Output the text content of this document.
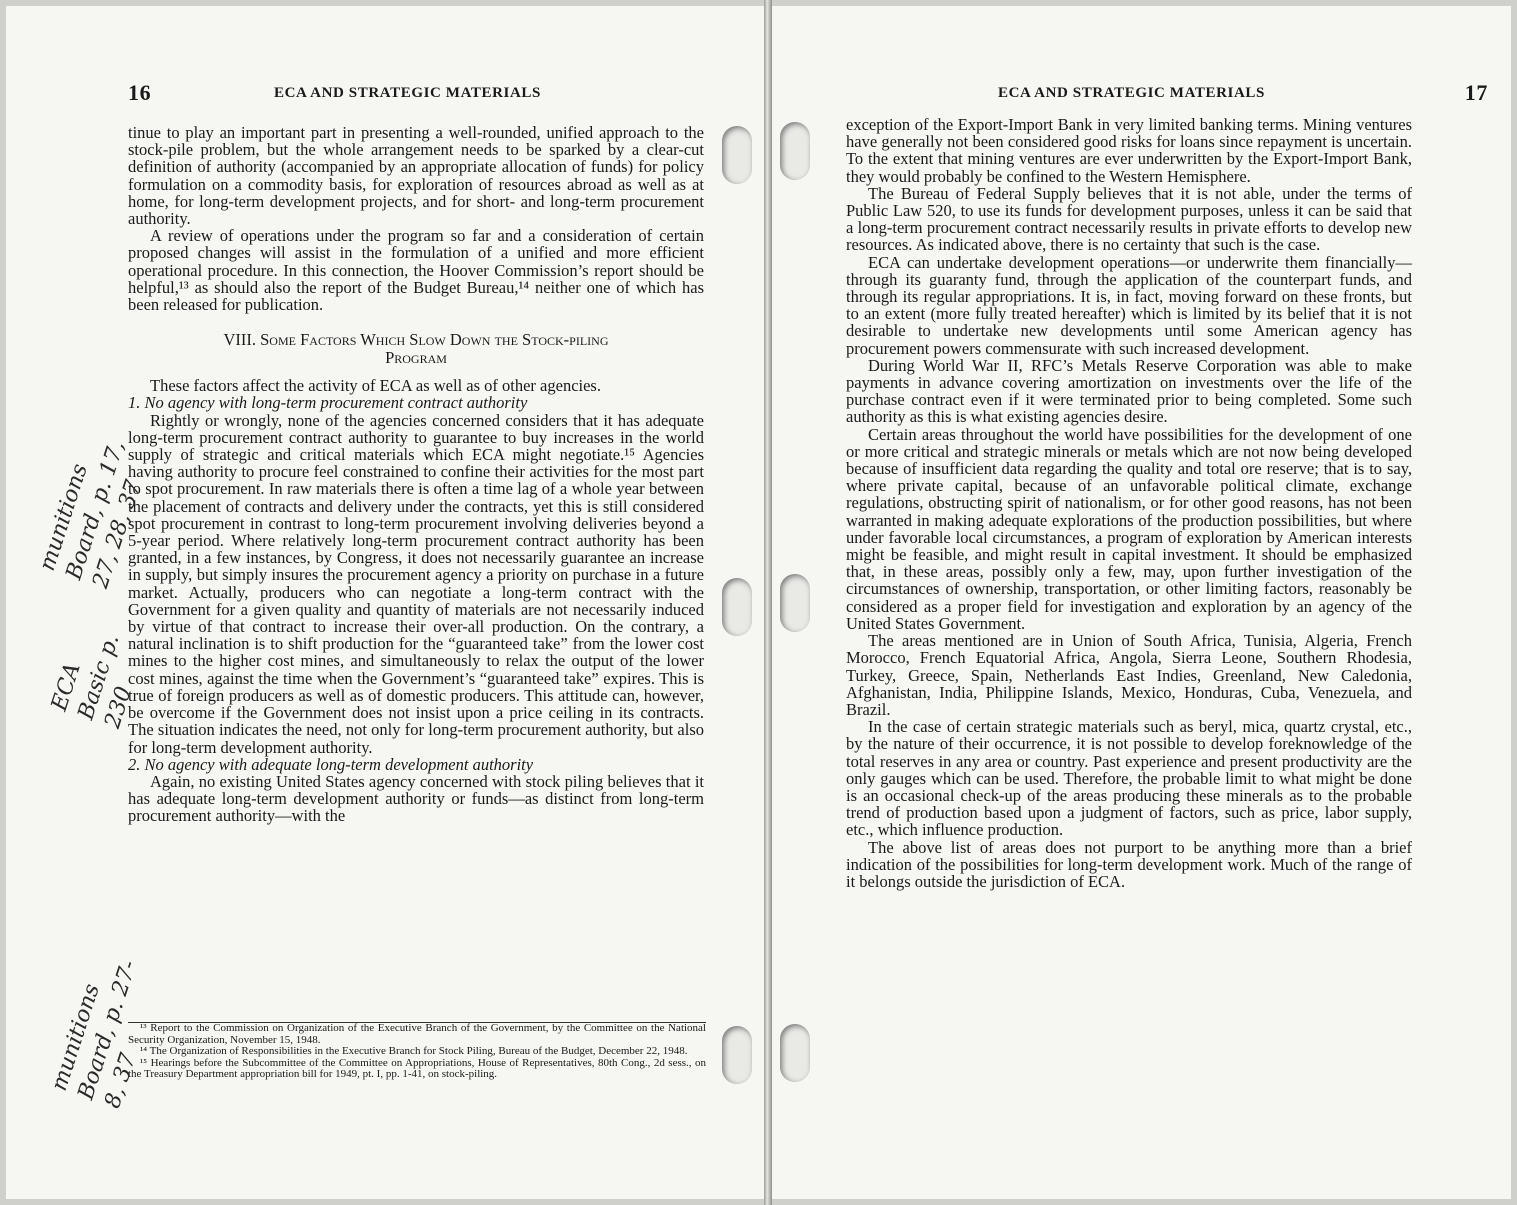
16	ECA AND STRATEGIC MATERIALS

tinue to play an important part in presenting a well-rounded, unified approach to the stock-pile problem, but the whole arrangement needs to be sparked by a clear-cut definition of authority (accompanied by an appropriate allocation of funds) for policy formulation on a commodity basis, for exploration of resources abroad as well as at home, for long-term development projects, and for short- and long-term procurement authority.

A review of operations under the program so far and a consideration of certain proposed changes will assist in the formulation of a unified and more efficient operational procedure. In this connection, the Hoover Commission’s report should be helpful,¹³ as should also the report of the Budget Bureau,¹⁴ neither one of which has been released for publication.

VIII. Some Factors Which Slow Down the Stock-piling
Program

These factors affect the activity of ECA as well as of other agencies.

1. No agency with long-term procurement contract authority

Rightly or wrongly, none of the agencies concerned considers that it has adequate long-term procurement contract authority to guarantee to buy increases in the world supply of strategic and critical materials which ECA might negotiate.¹⁵ Agencies having authority to procure feel constrained to confine their activities for the most part to spot procurement. In raw materials there is often a time lag of a whole year between the placement of contracts and delivery under the contracts, yet this is still considered spot procurement in contrast to long-term procurement involving deliveries beyond a 5-year period. Where relatively long-term procurement contract authority has been granted, in a few instances, by Congress, it does not necessarily guarantee an increase in supply, but simply insures the procurement agency a priority on purchase in a future market. Actually, producers who can negotiate a long-term contract with the Government for a given quality and quantity of materials are not necessarily induced by virtue of that contract to increase their over-all production. On the contrary, a natural inclination is to shift production for the “guaranteed take” from the lower cost mines to the higher cost mines, and simultaneously to relax the output of the lower cost mines, against the time when the Government’s “guaranteed take” expires. This is true of foreign producers as well as of domestic producers. This attitude can, however, be overcome if the Government does not insist upon a price ceiling in its contracts. The situation indicates the need, not only for long-term procurement authority, but also for long-term development authority.

2. No agency with adequate long-term development authority

Again, no existing United States agency concerned with stock piling believes that it has adequate long-term development authority or funds—as distinct from long-term procurement authority—with the

¹³ Report to the Commission on Organization of the Executive Branch of the Government, by the Committee on the National Security Organization, November 15, 1948.

¹⁴ The Organization of Responsibilities in the Executive Branch for Stock Piling, Bureau of the Budget, December 22, 1948.

¹⁵ Hearings before the Subcommittee of the Committee on Appropriations, House of Representatives, 80th Cong., 2d sess., on the Treasury Department appropriation bill for 1949, pt. I, pp. 1-41, on stock-piling.

munitions Board, p. 17, 27, 28, 37
ECA Basic p. 230
munitions Board, p. 27-8, 37
ECA AND STRATEGIC MATERIALS	17

exception of the Export-Import Bank in very limited banking terms. Mining ventures have generally not been considered good risks for loans since repayment is uncertain. To the extent that mining ventures are ever underwritten by the Export-Import Bank, they would probably be confined to the Western Hemisphere.

The Bureau of Federal Supply believes that it is not able, under the terms of Public Law 520, to use its funds for development purposes, unless it can be said that a long-term procurement contract necessarily results in private efforts to develop new resources. As indicated above, there is no certainty that such is the case.

ECA can undertake development operations—or underwrite them financially—through its guaranty fund, through the application of the counterpart funds, and through its regular appropriations. It is, in fact, moving forward on these fronts, but to an extent (more fully treated hereafter) which is limited by its belief that it is not desirable to undertake new developments until some American agency has procurement powers commensurate with such increased development.

During World War II, RFC’s Metals Reserve Corporation was able to make payments in advance covering amortization on investments over the life of the purchase contract even if it were terminated prior to being completed. Some such authority as this is what existing agencies desire.

Certain areas throughout the world have possibilities for the development of one or more critical and strategic minerals or metals which are not now being developed because of insufficient data regarding the quality and total ore reserve; that is to say, where private capital, because of an unfavorable political climate, exchange regulations, obstructing spirit of nationalism, or for other good reasons, has not been warranted in making adequate explorations of the production possibilities, but where under favorable local circumstances, a program of exploration by American interests might be feasible, and might result in capital investment. It should be emphasized that, in these areas, possibly only a few, may, upon further investigation of the circumstances of ownership, transportation, or other limiting factors, reasonably be considered as a proper field for investigation and exploration by an agency of the United States Government.

The areas mentioned are in Union of South Africa, Tunisia, Algeria, French Morocco, French Equatorial Africa, Angola, Sierra Leone, Southern Rhodesia, Turkey, Greece, Spain, Netherlands East Indies, Greenland, New Caledonia, Afghanistan, India, Philippine Islands, Mexico, Honduras, Cuba, Venezuela, and Brazil.

In the case of certain strategic materials such as beryl, mica, quartz crystal, etc., by the nature of their occurrence, it is not possible to develop foreknowledge of the total reserves in any area or country. Past experience and present productivity are the only gauges which can be used. Therefore, the probable limit to what might be done is an occasional check-up of the areas producing these minerals as to the probable trend of production based upon a judgment of factors, such as price, labor supply, etc., which influence production.

The above list of areas does not purport to be anything more than a brief indication of the possibilities for long-term development work. Much of the range of it belongs outside the jurisdiction of ECA.
